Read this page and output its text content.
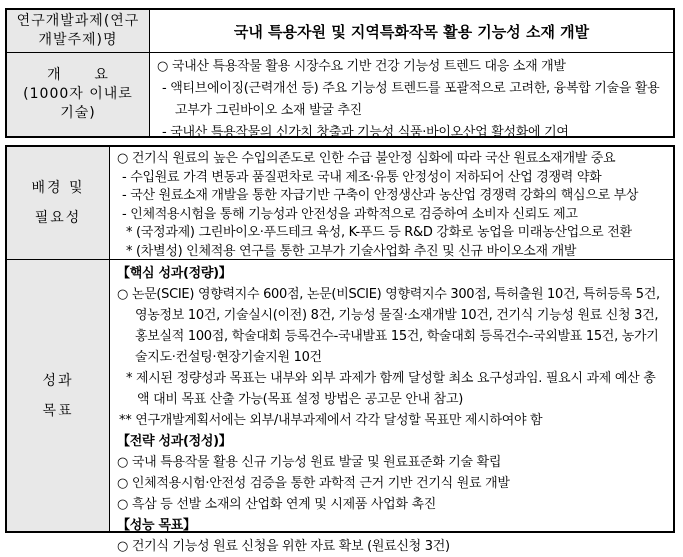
연구개발과제(연구
개발주제)명	국내 특용자원 및 지역특화작목 활용 기능성 소재 개발
개      요
(1000자 이내로
기술)
○ 국내산 특용작물 활용 시장수요 기반 건강 기능성 트렌드 대응 소재 개발
- 액티브에이징(근력개선 등) 주요 기능성 트렌드를 포괄적으로 고려한, 융복합 기술을 활용 고부가 그린바이오 소재 발굴 추진
- 국내산 특용작물의 신가치 창출과 기능성 식품·바이오산업 활성화에 기여
배경 및
필요성
○ 건기식 원료의 높은 수입의존도로 인한 수급 불안정 심화에 따라 국산 원료소재개발 중요
- 수입원료 가격 변동과 품질편차로 국내 제조·유통 안정성이 저하되어 산업 경쟁력 약화
- 국산 원료소재 개발을 통한 자급기반 구축이 안정생산과 농산업 경쟁력 강화의 핵심으로 부상
- 인체적용시험을 통해 기능성과 안전성을 과학적으로 검증하여 소비자 신뢰도 제고
* (국정과제) 그린바이오·푸드테크 육성, K-푸드 등 R&D 강화로 농업을 미래농산업으로 전환
* (차별성) 인체적용 연구를 통한 고부가 기술사업화 추진 및 신규 바이오소재 개발
성과
목표
【핵심 성과(정량)】
○ 논문(SCIE) 영향력지수 600점, 논문(비SCIE) 영향력지수 300점, 특허출원 10건, 특허등록 5건, 영농정보 10건, 기술실시(이전) 8건, 기능성 물질·소재개발 10건, 건기식 기능성 원료 신청 3건, 홍보실적 100점, 학술대회 등록건수-국내발표 15건, 학술대회 등록건수-국외발표 15건, 농가기술지도·컨설팅·현장기술지원 10건
* 제시된 정량성과 목표는 내부와 외부 과제가 함께 달성할 최소 요구성과임. 필요시 과제 예산 총액 대비 목표 산출 가능(목표 설정 방법은 공고문 안내 참고)
** 연구개발계획서에는 외부/내부과제에서 각각 달성할 목표만 제시하여야 함
【전략 성과(정성)】
○ 국내 특용작물 활용 신규 기능성 원료 발굴 및 원료표준화 기술 확립
○ 인체적용시험·안전성 검증을 통한 과학적 근거 기반 건기식 원료 개발
○ 흑삼 등 선발 소재의 산업화 연계 및 시제품 사업화 촉진
【성능 목표】
○ 건기식 기능성 원료 신청을 위한 자료 확보 (원료신청 3건)
